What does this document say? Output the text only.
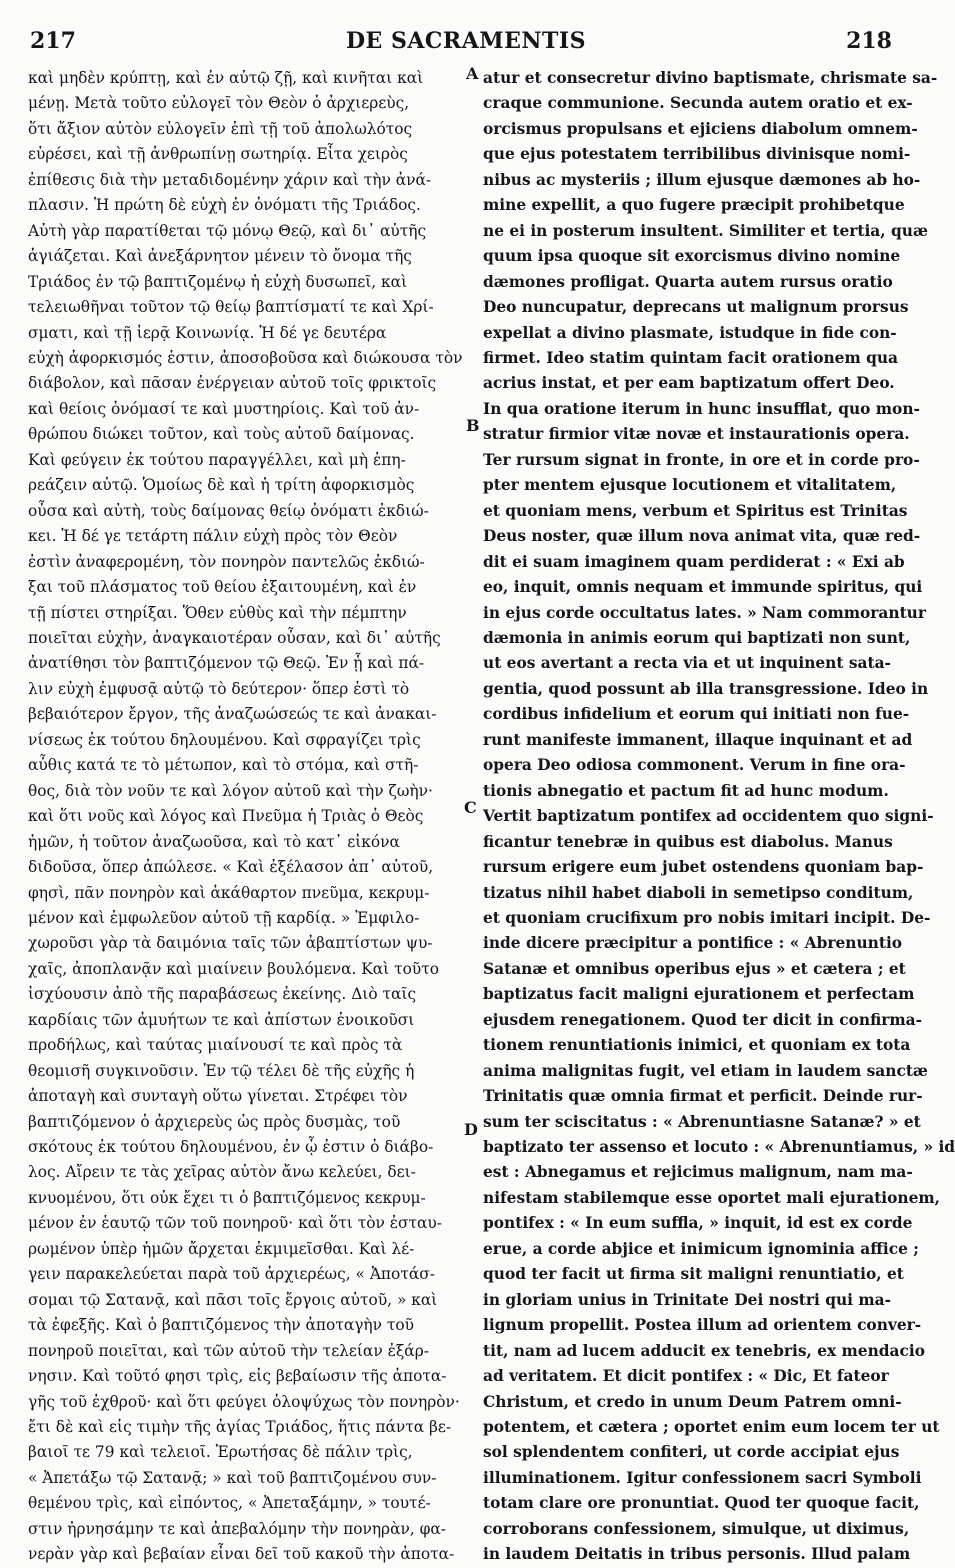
217	DE SACRAMENTIS	218
καὶ μηδὲν κρύπτῃ, καὶ ἐν αὐτῷ ζῇ, καὶ κινῆται καὶ
μένῃ. Μετὰ τοῦτο εὐλογεῖ τὸν Θεὸν ὁ ἀρχιερεὺς,
ὅτι ἄξιον αὐτὸν εὐλογεῖν ἐπὶ τῇ τοῦ ἀπολωλότος
εὑρέσει, καὶ τῇ ἀνθρωπίνῃ σωτηρίᾳ. Εἶτα χειρὸς
ἐπίθεσις διὰ τὴν μεταδιδομένην χάριν καὶ τὴν ἀνά-
πλασιν. Ἡ πρώτη δὲ εὐχὴ ἐν ὀνόματι τῆς Τριάδος.
Αὐτὴ γὰρ παρατίθεται τῷ μόνῳ Θεῷ, καὶ δι᾿ αὐτῆς
ἁγιάζεται. Καὶ ἀνεξάρνητον μένειν τὸ ὄνομα τῆς
Τριάδος ἐν τῷ βαπτιζομένῳ ἡ εὐχὴ δυσωπεῖ, καὶ
τελειωθῆναι τοῦτον τῷ θείῳ βαπτίσματί τε καὶ Χρί-
σματι, καὶ τῇ ἱερᾷ Κοινωνίᾳ. Ἡ δέ γε δευτέρα
εὐχὴ ἀφορκισμός ἐστιν, ἀποσοβοῦσα καὶ διώκουσα τὸν
διάβολον, καὶ πᾶσαν ἐνέργειαν αὐτοῦ τοῖς φρικτοῖς
καὶ θείοις ὀνόμασί τε καὶ μυστηρίοις. Καὶ τοῦ ἀν-
θρώπου διώκει τοῦτον, καὶ τοὺς αὐτοῦ δαίμονας.
Καὶ φεύγειν ἐκ τούτου παραγγέλλει, καὶ μὴ ἐπη-
ρεάζειν αὐτῷ. Ὁμοίως δὲ καὶ ἡ τρίτη ἀφορκισμὸς
οὖσα καὶ αὐτὴ, τοὺς δαίμονας θείῳ ὀνόματι ἐκδιώ-
κει. Ἡ δέ γε τετάρτη πάλιν εὐχὴ πρὸς τὸν Θεὸν
ἐστὶν ἀναφερομένη, τὸν πονηρὸν παντελῶς ἐκδιώ-
ξαι τοῦ πλάσματος τοῦ θείου ἐξαιτουμένη, καὶ ἐν
τῇ πίστει στηρίξαι. Ὅθεν εὐθὺς καὶ τὴν πέμπτην
ποιεῖται εὐχὴν, ἀναγκαιοτέραν οὖσαν, καὶ δι᾿ αὐτῆς
ἀνατίθησι τὸν βαπτιζόμενον τῷ Θεῷ. Ἐν ᾗ καὶ πά-
λιν εὐχὴ ἐμφυσᾷ αὐτῷ τὸ δεύτερον· ὅπερ ἐστὶ τὸ
βεβαιότερον ἔργον, τῆς ἀναζωώσεώς τε καὶ ἀνακαι-
νίσεως ἐκ τούτου δηλουμένου. Καὶ σφραγίζει τρὶς
αὖθις κατά τε τὸ μέτωπον, καὶ τὸ στόμα, καὶ στῆ-
θος, διὰ τὸν νοῦν τε καὶ λόγον αὐτοῦ καὶ τὴν ζωὴν·
καὶ ὅτι νοῦς καὶ λόγος καὶ Πνεῦμα ἡ Τριὰς ὁ Θεὸς
ἡμῶν, ἡ τοῦτον ἀναζωοῦσα, καὶ τὸ κατ᾿ εἰκόνα
διδοῦσα, ὅπερ ἀπώλεσε. « Καὶ ἐξέλασον ἀπ᾿ αὐτοῦ,
φησὶ, πᾶν πονηρὸν καὶ ἀκάθαρτον πνεῦμα, κεκρυμ-
μένον καὶ ἐμφωλεῦον αὐτοῦ τῇ καρδίᾳ. » Ἐμφιλο-
χωροῦσι γὰρ τὰ δαιμόνια ταῖς τῶν ἀβαπτίστων ψυ-
χαῖς, ἀποπλανᾷν καὶ μιαίνειν βουλόμενα. Καὶ τοῦτο
ἰσχύουσιν ἀπὸ τῆς παραβάσεως ἐκείνης. Διὸ ταῖς
καρδίαις τῶν ἀμυήτων τε καὶ ἀπίστων ἐνοικοῦσι
προδήλως, καὶ ταύτας μιαίνουσί τε καὶ πρὸς τὰ
θεομισῆ συγκινοῦσιν. Ἐν τῷ τέλει δὲ τῆς εὐχῆς ἡ
ἀποταγὴ καὶ συνταγὴ οὕτω γίνεται. Στρέφει τὸν
βαπτιζόμενον ὁ ἀρχιερεὺς ὡς πρὸς δυσμὰς, τοῦ
σκότους ἐκ τούτου δηλουμένου, ἐν ᾧ ἐστιν ὁ διάβο-
λος. Αἴρειν τε τὰς χεῖρας αὐτὸν ἄνω κελεύει, δει-
κνυομένου, ὅτι οὐκ ἔχει τι ὁ βαπτιζόμενος κεκρυμ-
μένον ἐν ἑαυτῷ τῶν τοῦ πονηροῦ· καὶ ὅτι τὸν ἐσταυ-
ρωμένον ὑπὲρ ἡμῶν ἄρχεται ἐκμιμεῖσθαι. Καὶ λέ-
γειν παρακελεύεται παρὰ τοῦ ἀρχιερέως, « Ἀποτάσ-
σομαι τῷ Σατανᾷ, καὶ πᾶσι τοῖς ἔργοις αὐτοῦ, » καὶ
τὰ ἐφεξῆς. Καὶ ὁ βαπτιζόμενος τὴν ἀποταγὴν τοῦ
πονηροῦ ποιεῖται, καὶ τῶν αὐτοῦ τὴν τελείαν ἐξάρ-
νησιν. Καὶ τοῦτό φησι τρὶς, εἰς βεβαίωσιν τῆς ἀποτα-
γῆς τοῦ ἐχθροῦ· καὶ ὅτι φεύγει ὁλοψύχως τὸν πονηρὸν·
ἔτι δὲ καὶ εἰς τιμὴν τῆς ἁγίας Τριάδος, ἥτις πάντα βε-
βαιοῖ τε 79 καὶ τελειοῖ. Ἐρωτήσας δὲ πάλιν τρὶς,
« Ἀπετάξω τῷ Σατανᾷ; » καὶ τοῦ βαπτιζομένου συν-
θεμένου τρὶς, καὶ εἰπόντος, « Ἀπεταξάμην, » τουτέ-
στιν ἠρνησάμην τε καὶ ἀπεβαλόμην τὴν πονηρὰν, φα-
νερὰν γὰρ καὶ βεβαίαν εἶναι δεῖ τοῦ κακοῦ τὴν ἀποτα-
atur et consecretur divino baptismate, chrismate sa-
craque communione. Secunda autem oratio et ex-
orcismus propulsans et ejiciens diabolum omnem-
que ejus potestatem terribilibus divinisque nomi-
nibus ac mysteriis ; illum ejusque dæmones ab ho-
mine expellit, a quo fugere præcipit prohibetque
ne ei in posterum insultent. Similiter et tertia, quæ
quum ipsa quoque sit exorcismus divino nomine
dæmones profligat. Quarta autem rursus oratio
Deo nuncupatur, deprecans ut malignum prorsus
expellat a divino plasmate, istudque in fide con-
firmet. Ideo statim quintam facit orationem qua
acrius instat, et per eam baptizatum offert Deo.
In qua oratione iterum in hunc insufflat, quo mon-
stratur firmior vitæ novæ et instaurationis opera.
Ter rursum signat in fronte, in ore et in corde pro-
pter mentem ejusque locutionem et vitalitatem,
et quoniam mens, verbum et Spiritus est Trinitas
Deus noster, quæ illum nova animat vita, quæ red-
dit ei suam imaginem quam perdiderat : « Exi ab
eo, inquit, omnis nequam et immunde spiritus, qui
in ejus corde occultatus lates. » Nam commorantur
dæmonia in animis eorum qui baptizati non sunt,
ut eos avertant a recta via et ut inquinent sata-
gentia, quod possunt ab illa transgressione. Ideo in
cordibus infidelium et eorum qui initiati non fue-
runt manifeste immanent, illaque inquinant et ad
opera Deo odiosa commonent. Verum in fine ora-
tionis abnegatio et pactum fit ad hunc modum.
Vertit baptizatum pontifex ad occidentem quo signi-
ficantur tenebræ in quibus est diabolus. Manus
rursum erigere eum jubet ostendens quoniam bap-
tizatus nihil habet diaboli in semetipso conditum,
et quoniam crucifixum pro nobis imitari incipit. De-
inde dicere præcipitur a pontifice : « Abrenuntio
Satanæ et omnibus operibus ejus » et cætera ; et
baptizatus facit maligni ejurationem et perfectam
ejusdem renegationem. Quod ter dicit in confirma-
tionem renuntiationis inimici, et quoniam ex tota
anima malignitas fugit, vel etiam in laudem sanctæ
Trinitatis quæ omnia firmat et perficit. Deinde rur-
sum ter sciscitatus : « Abrenuntiasne Satanæ? » et
baptizato ter assenso et locuto : « Abrenuntiamus, » id
est : Abnegamus et rejicimus malignum, nam ma-
nifestam stabilemque esse oportet mali ejurationem,
pontifex : « In eum suffla, » inquit, id est ex corde
erue, a corde abjice et inimicum ignominia affice ;
quod ter facit ut firma sit maligni renuntiatio, et
in gloriam unius in Trinitate Dei nostri qui ma-
lignum propellit. Postea illum ad orientem conver-
tit, nam ad lucem adducit ex tenebris, ex mendacio
ad veritatem. Et dicit pontifex : « Dic, Et fateor
Christum, et credo in unum Deum Patrem omni-
potentem, et cætera ; oportet enim eum locem ter ut
sol splendentem confiteri, ut corde accipiat ejus
illuminationem. Igitur confessionem sacri Symboli
totam clare ore pronuntiat. Quod ter quoque facit,
corroborans confessionem, simulque, ut diximus,
in laudem Deitatis in tribus personis. Illud palam
A
B
C
D
